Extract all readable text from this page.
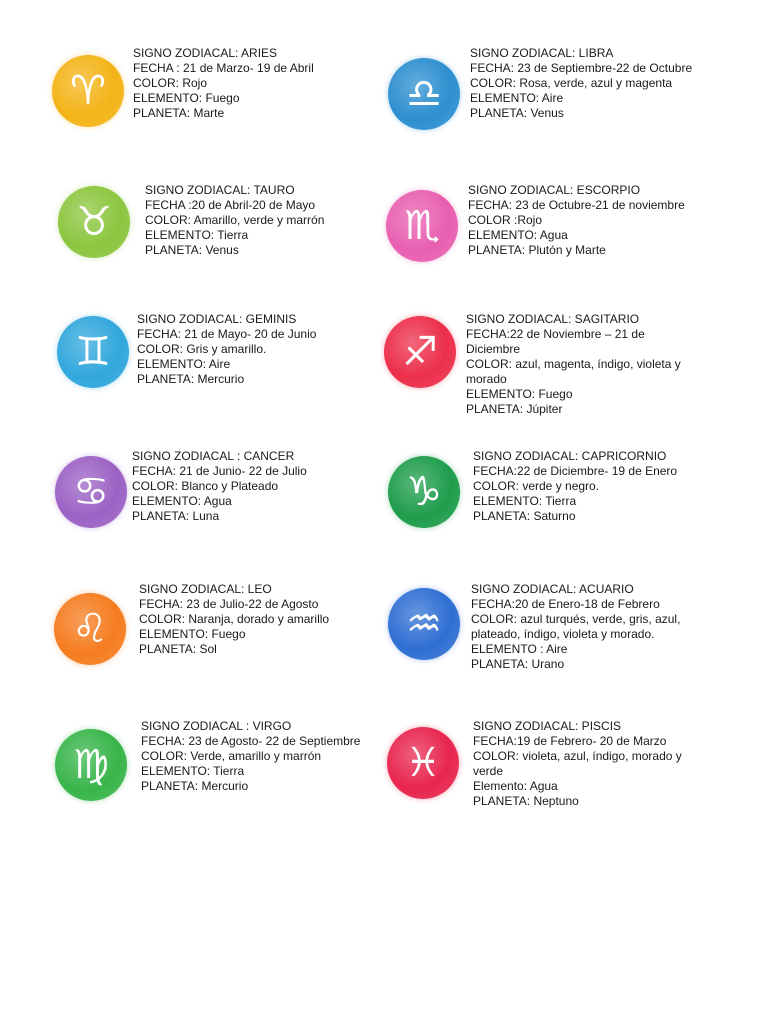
♈
SIGNO ZODIACAL: ARIES
FECHA : 21 de Marzo- 19 de Abril
COLOR: Rojo
ELEMENTO: Fuego
PLANETA: Marte	♎
SIGNO ZODIACAL: LIBRA
FECHA: 23 de Septiembre-22 de Octubre
COLOR: Rosa, verde, azul y magenta
ELEMENTO: Aire
PLANETA: Venus
♉
SIGNO ZODIACAL: TAURO
FECHA :20 de Abril-20 de Mayo
COLOR: Amarillo, verde y marrón
ELEMENTO: Tierra
PLANETA: Venus
♏
SIGNO ZODIACAL: ESCORPIO
FECHA: 23 de Octubre-21 de noviembre
COLOR :Rojo
ELEMENTO: Agua
PLANETA: Plutón y Marte
♊
SIGNO ZODIACAL: GEMINIS
FECHA: 21 de Mayo- 20 de Junio
COLOR: Gris y amarillo.
ELEMENTO: Aire
PLANETA: Mercurio
♐
SIGNO ZODIACAL: SAGITARIO
FECHA:22 de Noviembre – 21 de Diciembre
COLOR: azul, magenta, índigo, violeta y morado
ELEMENTO: Fuego
PLANETA: Júpiter
♋
SIGNO ZODIACAL : CANCER
FECHA: 21 de Junio- 22 de Julio
COLOR: Blanco y Plateado
ELEMENTO: Agua
PLANETA: Luna
♑
SIGNO ZODIACAL: CAPRICORNIO
FECHA:22 de Diciembre- 19 de Enero
COLOR: verde y negro.
ELEMENTO: Tierra
PLANETA: Saturno
♌
SIGNO ZODIACAL: LEO
FECHA: 23 de Julio-22 de Agosto
COLOR: Naranja, dorado y amarillo
ELEMENTO: Fuego
PLANETA: Sol
♒
SIGNO ZODIACAL: ACUARIO
FECHA:20 de Enero-18 de Febrero
COLOR: azul turqués, verde, gris, azul, plateado, índigo, violeta y morado.
ELEMENTO : Aire
PLANETA: Urano
♍
SIGNO ZODIACAL : VIRGO
FECHA: 23 de Agosto- 22 de Septiembre
COLOR: Verde, amarillo y marrón
ELEMENTO: Tierra
PLANETA: Mercurio	♓
SIGNO ZODIACAL: PISCIS
FECHA:19 de Febrero- 20 de Marzo
COLOR: violeta, azul, índigo, morado y verde
Elemento: Agua
PLANETA: Neptuno
